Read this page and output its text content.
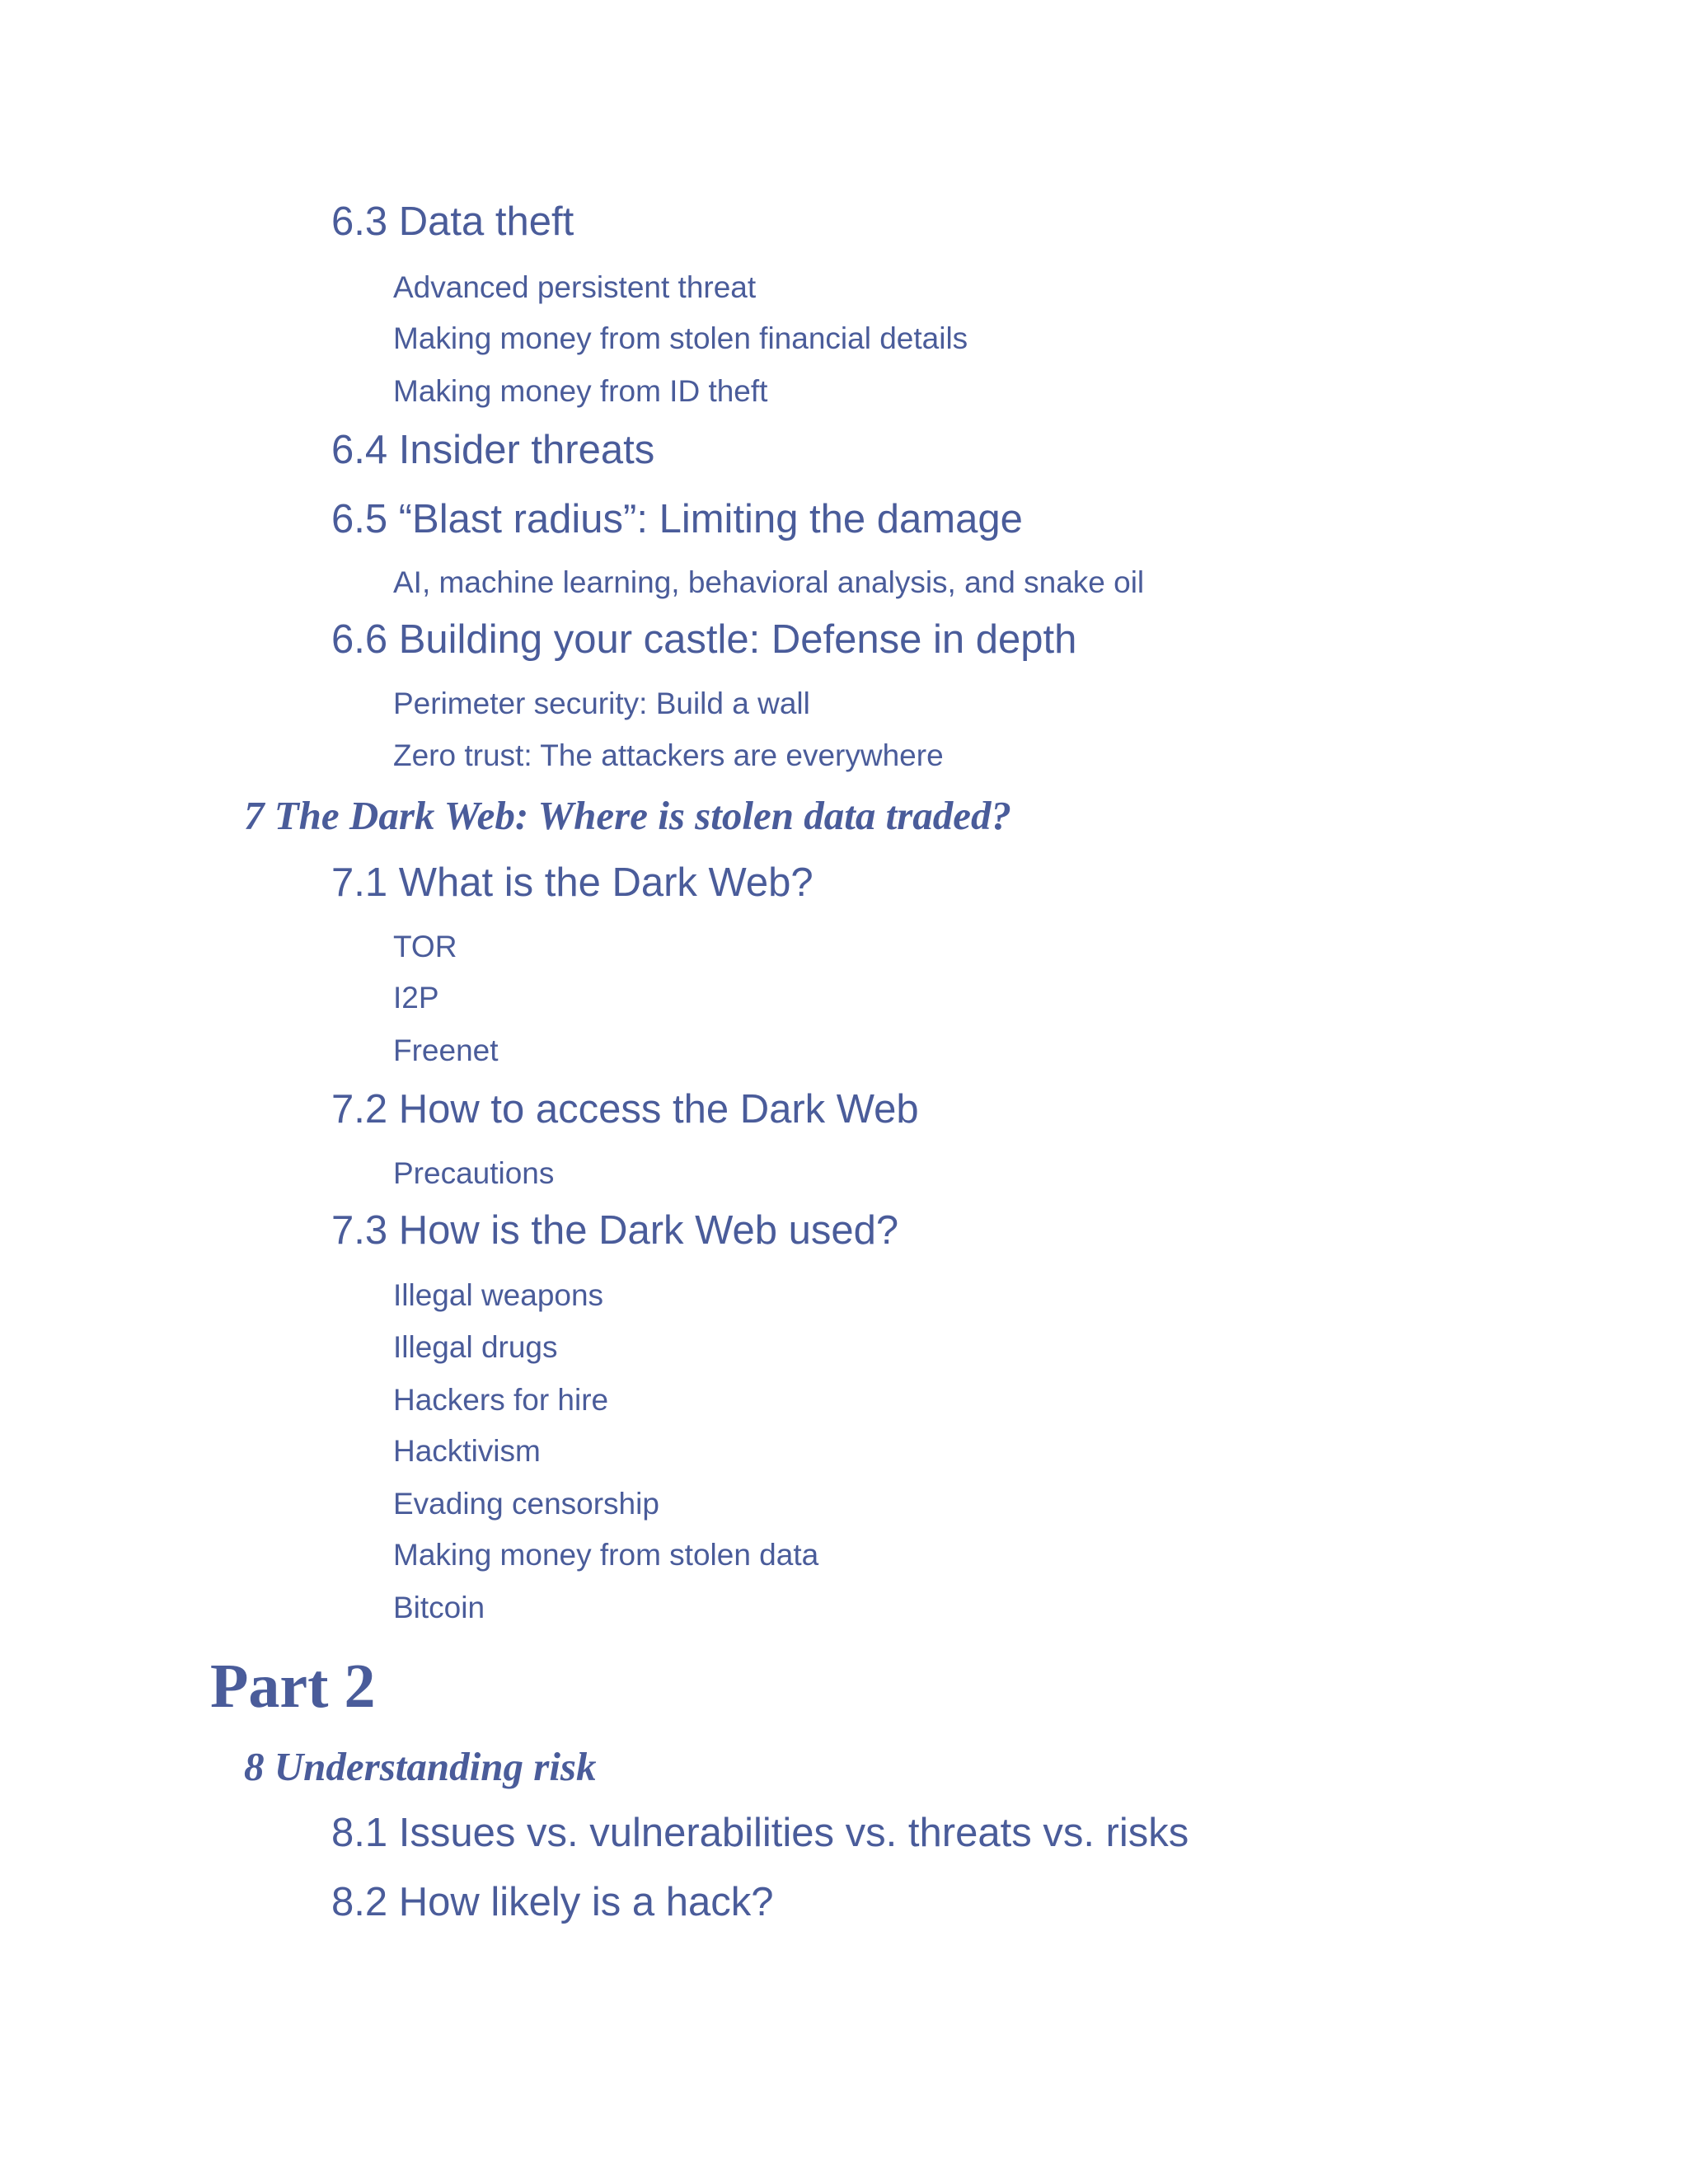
6.3 Data theft
Advanced persistent threat
Making money from stolen financial details
Making money from ID theft
6.4 Insider threats
6.5 “Blast radius”: Limiting the damage
AI, machine learning, behavioral analysis, and snake oil
6.6 Building your castle: Defense in depth
Perimeter security: Build a wall
Zero trust: The attackers are everywhere
7 The Dark Web: Where is stolen data traded?
7.1 What is the Dark Web?
TOR
I2P
Freenet
7.2 How to access the Dark Web
Precautions
7.3 How is the Dark Web used?
Illegal weapons
Illegal drugs
Hackers for hire
Hacktivism
Evading censorship
Making money from stolen data
Bitcoin
Part 2
8 Understanding risk
8.1 Issues vs. vulnerabilities vs. threats vs. risks
8.2 How likely is a hack?
